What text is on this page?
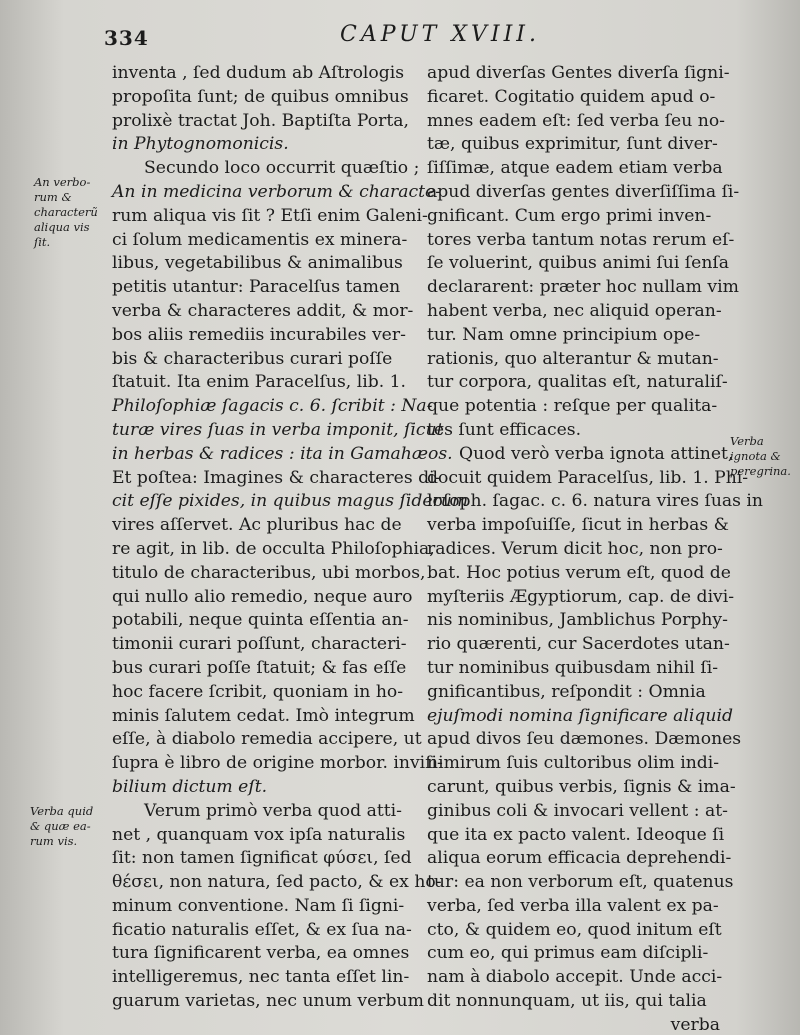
334	CAPUT XVIII.
inventa , ſed dudum ab Aſtrologis
propoſita ſunt; de quibus omnibus
prolixè tractat Joh. Baptiſta Porta,
in Phytognomonicis.
Secundo loco occurrit quæſtio ;
An in medicina verborum & characte-
rum aliqua vis ſit ? Etſi enim Galeni-
ci ſolum medicamentis ex minera-
libus, vegetabilibus & animalibus
petitis utantur: Paracelſus tamen
verba & characteres addit, & mor-
bos aliis remediis incurabiles ver-
bis & characteribus curari poſſe
ſtatuit. Ita enim Paracelſus, lib. 1.
Philoſophiæ ſagacis c. 6. ſcribit : Na-
turæ vires ſuas in verba imponit, ſicut
in herbas & radices : ita in Gamahæos.
Et poſtea: Imagines & characteres di-
cit eſſe pixides, in quibus magus ſiderum
vires aſſervet. Ac pluribus hac de
re agit, in lib. de occulta Philoſophia,
titulo de characteribus, ubi morbos,
qui nullo alio remedio, neque auro
potabili, neque quinta eſſentia an-
timonii curari poſſunt, characteri-
bus curari poſſe ſtatuit; & fas eſſe
hoc facere ſcribit, quoniam in ho-
minis ſalutem cedat. Imò integrum
eſſe, à diabolo remedia accipere, ut
ſupra è libro de origine morbor. inviſi-
bilium dictum eſt.
Verum primò verba quod atti-
net , quanquam vox ipſa naturalis
ſit: non tamen ſignificat φύσει, ſed
θέσει, non natura, ſed pacto, & ex ho-
minum conventione. Nam ſi ſigni-
ficatio naturalis eſſet, & ex ſua na-
tura ſignificarent verba, ea omnes
intelligeremus, nec tanta eſſet lin-
guarum varietas, nec unum verbum
apud diverſas Gentes diverſa ſigni-
ficaret. Cogitatio quidem apud o-
mnes eadem eſt: ſed verba ſeu no-
tæ, quibus exprimitur, ſunt diver-
ſiſſimæ, atque eadem etiam verba
apud diverſas gentes diverſiſſima ſi-
gnificant. Cum ergo primi inven-
tores verba tantum notas rerum eſ-
ſe voluerint, quibus animi ſui ſenſa
declararent: præter hoc nullam vim
habent verba, nec aliquid operan-
tur. Nam omne principium ope-
rationis, quo alterantur & mutan-
tur corpora, qualitas eſt, naturaliſ-
que potentia : reſque per qualita-
tes ſunt efficaces.
Quod verò verba ignota attinet,
docuit quidem Paracelſus, lib. 1. Phi-
loſoph. ſagac. c. 6. natura vires ſuas in
verba impoſuiſſe, ſicut in herbas &
radices. Verum dicit hoc, non pro-
bat. Hoc potius verum eſt, quod de
myſteriis Ægyptiorum, cap. de divi-
nis nominibus, Jamblichus Porphy-
rio quærenti, cur Sacerdotes utan-
tur nominibus quibusdam nihil ſi-
gnificantibus, reſpondit : Omnia
ejuſmodi nomina ſignificare aliquid
apud divos ſeu dæmones. Dæmones
nimirum ſuis cultoribus olim indi-
carunt, quibus verbis, ſignis & ima-
ginibus coli & invocari vellent : at-
que ita ex pacto valent. Ideoque ſi
aliqua eorum efficacia deprehendi-
tur: ea non verborum eſt, quatenus
verba, ſed verba illa valent ex pa-
cto, & quidem eo, quod initum eſt
cum eo, qui primus eam diſcipli-
nam à diabolo accepit. Unde acci-
dit nonnunquam, ut iis, qui talia
verba
An verbo-
rum &
characterũ
aliqua vis
ſit.
Verba quid
& quæ ea-
rum vis.
Verba
ignota &
peregrina.
